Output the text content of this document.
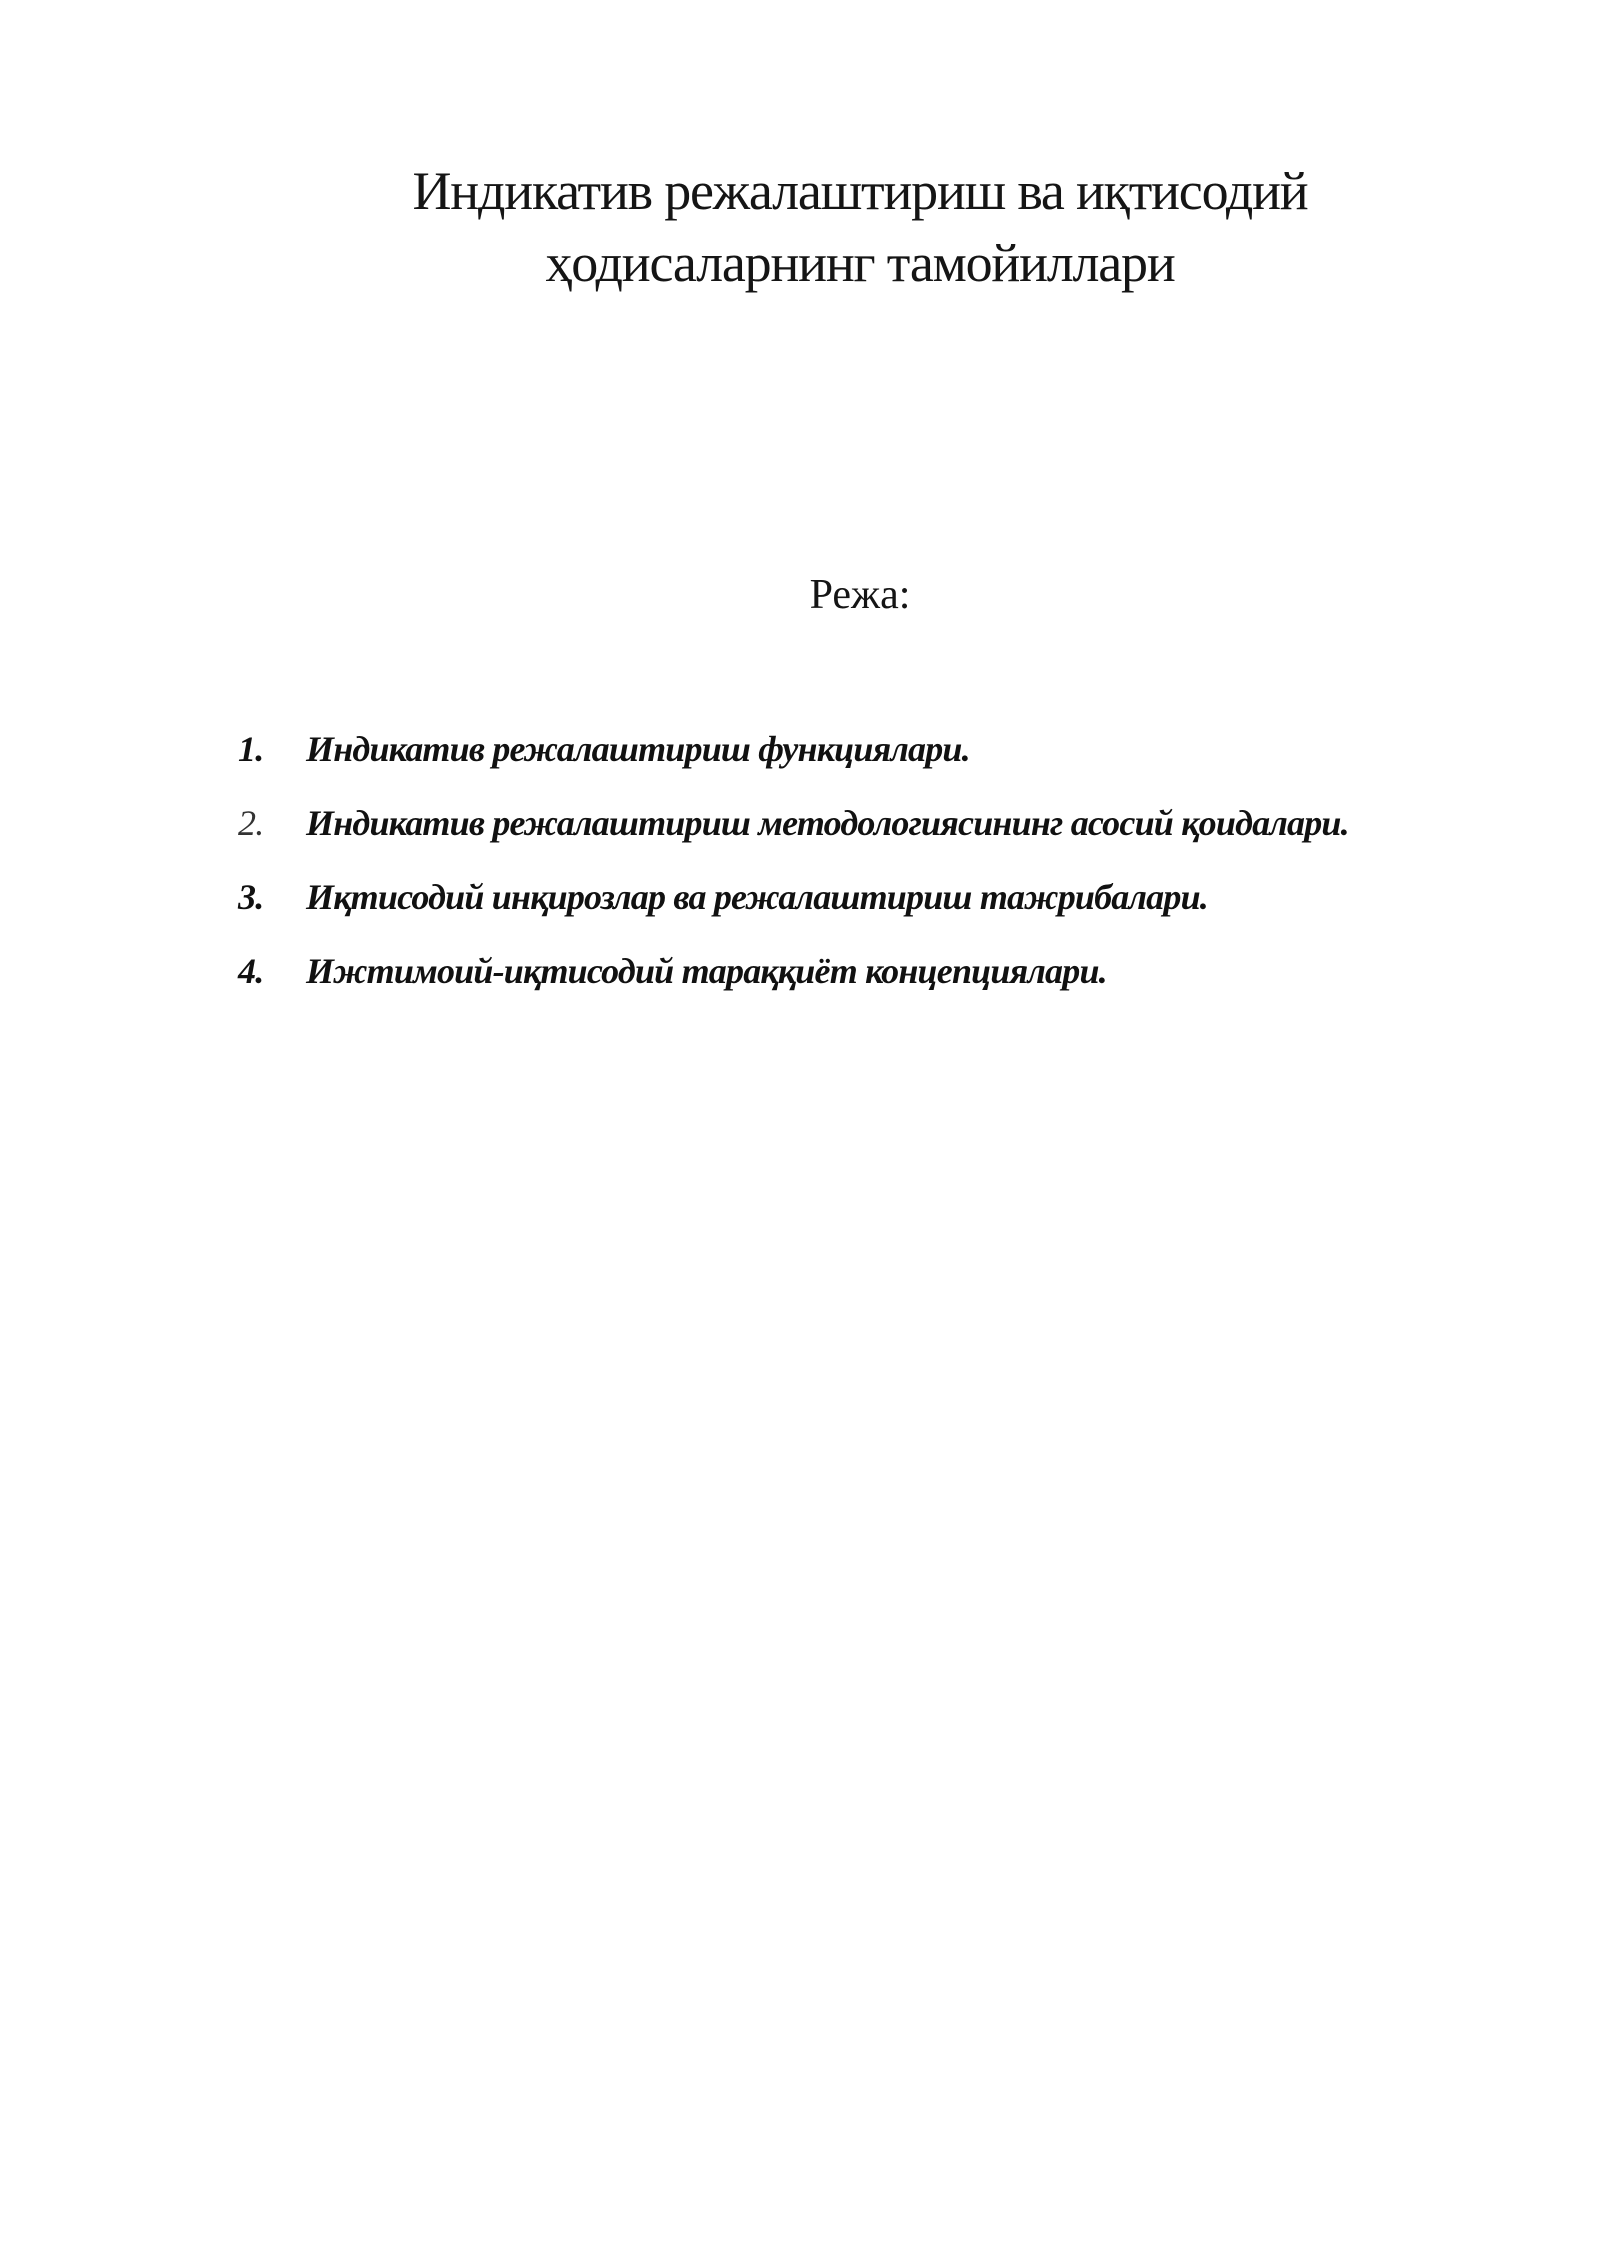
Индикатив режалаштириш ва иқтисодий
ҳодисаларнинг тамойиллари
Режа:
1.	Индикатив режалаштириш функциялари.
2.	Индикатив режалаштириш методологиясининг асосий қоидалари.
3.	Иқтисодий инқирозлар ва режалаштириш тажрибалари.
4.	Ижтимоий-иқтисодий тараққиёт концепциялари.
